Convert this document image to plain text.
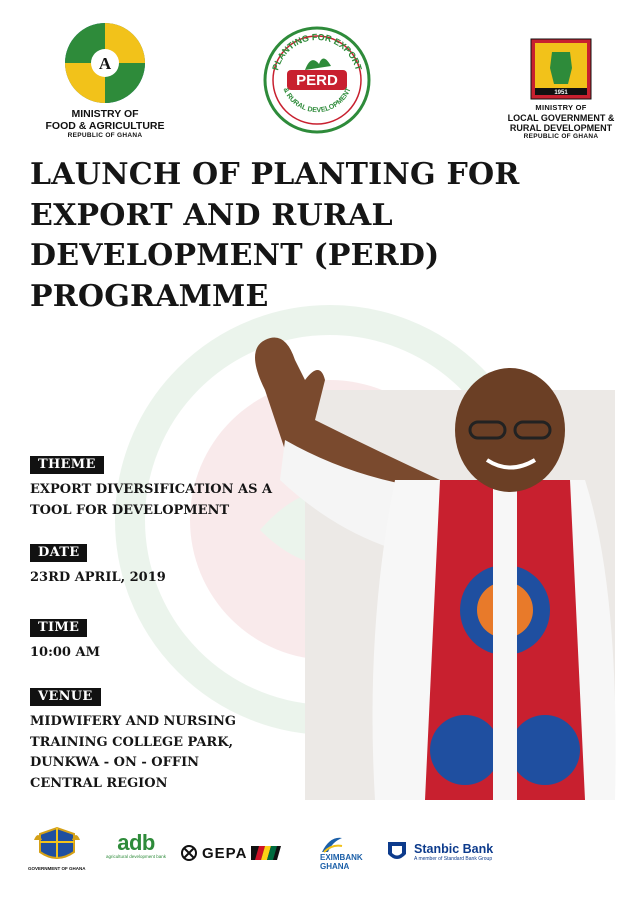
A
MINISTRY OF
FOOD & AGRICULTURE
REPUBLIC OF GHANA
PLANTING FOR EXPORT
PERD
& RURAL DEVELOPMENT	1951
MINISTRY OF
LOCAL GOVERNMENT &
RURAL DEVELOPMENT
REPUBLIC OF GHANA
LAUNCH OF PLANTING FOR
EXPORT AND RURAL
DEVELOPMENT (PERD)
PROGRAMME
THEME
EXPORT DIVERSIFICATION AS A
TOOL FOR DEVELOPMENT
DATE
23RD APRIL, 2019
TIME
10:00 AM
VENUE
MIDWIFERY AND NURSING
TRAINING COLLEGE PARK,
DUNKWA - ON - OFFIN
CENTRAL REGION
GOVERNMENT OF GHANA
adb
agricultural development bank GEPA	EXIMBANK
GHANA
Stanbic Bank
A member of Standard Bank Group
